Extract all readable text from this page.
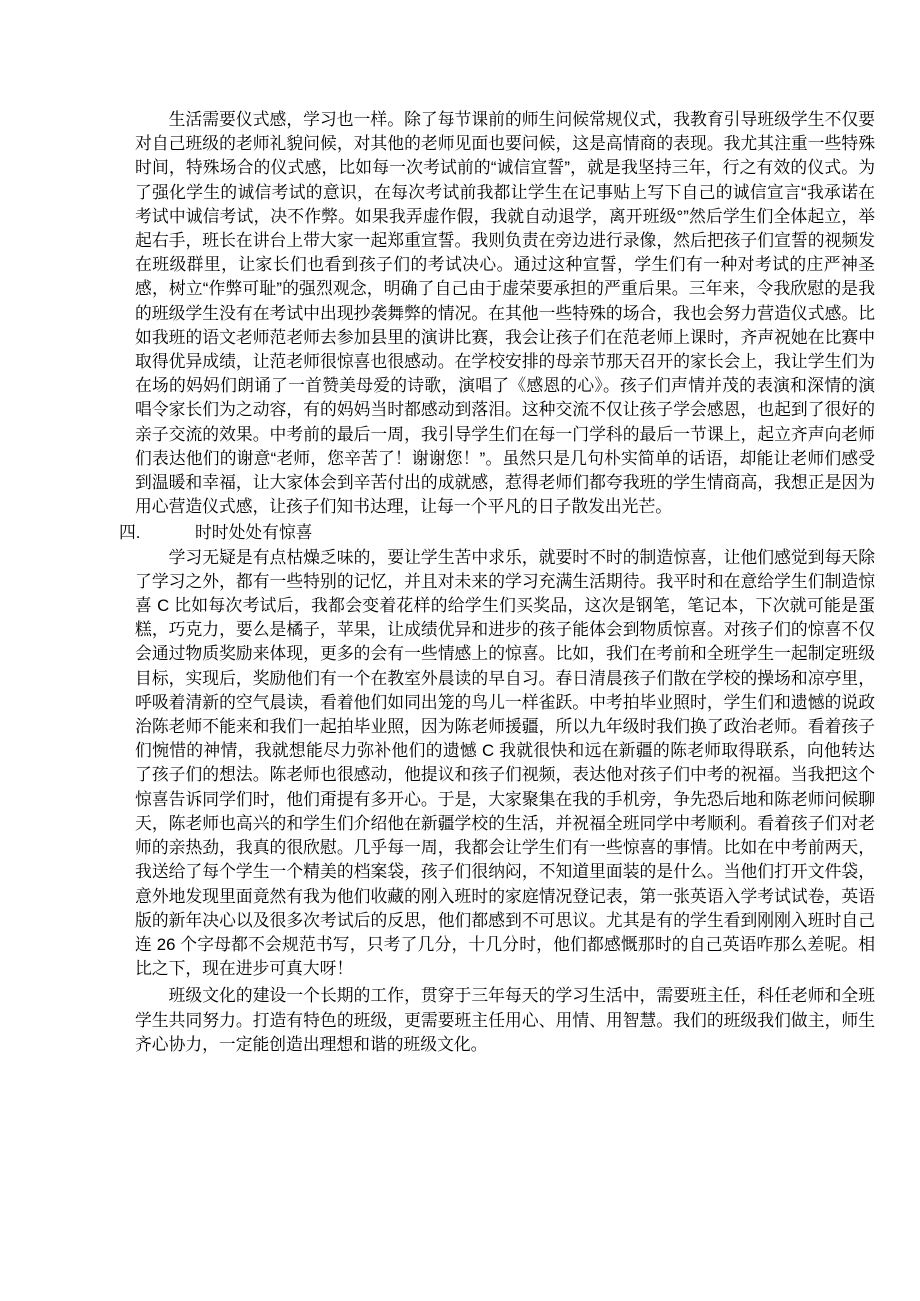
生活需要仪式感，学习也一样。除了每节课前的师生问候常规仪式，我教育引导班级学生不仅要对自己班级的老师礼貌问候，对其他的老师见面也要问候，这是高情商的表现。我尤其注重一些特殊时间，特殊场合的仪式感，比如每一次考试前的“诚信宣誓”，就是我坚持三年，行之有效的仪式。为了强化学生的诚信考试的意识，在每次考试前我都让学生在记事贴上写下自己的诚信宣言“我承诺在考试中诚信考试，决不作弊。如果我弄虚作假，我就自动退学，离开班级°”然后学生们全体起立，举起右手，班长在讲台上带大家一起郑重宣誓。我则负责在旁边进行录像，然后把孩子们宣誓的视频发在班级群里，让家长们也看到孩子们的考试决心。通过这种宣誓，学生们有一种对考试的庄严神圣感，树立“作弊可耻”的强烈观念，明确了自己由于虚荣要承担的严重后果。三年来，令我欣慰的是我的班级学生没有在考试中出现抄袭舞弊的情况。在其他一些特殊的场合，我也会努力营造仪式感。比如我班的语文老师范老师去参加县里的演讲比赛，我会让孩子们在范老师上课时，齐声祝她在比赛中取得优异成绩，让范老师很惊喜也很感动。在学校安排的母亲节那天召开的家长会上，我让学生们为在场的妈妈们朗诵了一首赞美母爱的诗歌，演唱了《感恩的心》。孩子们声情并茂的表演和深情的演唱令家长们为之动容，有的妈妈当时都感动到落泪。这种交流不仅让孩子学会感恩，也起到了很好的亲子交流的效果。中考前的最后一周，我引导学生们在每一门学科的最后一节课上，起立齐声向老师们表达他们的谢意“老师，您辛苦了！谢谢您！”。虽然只是几句朴实简单的话语，却能让老师们感受到温暖和幸福，让大家体会到辛苦付出的成就感，惹得老师们都夸我班的学生情商高，我想正是因为用心营造仪式感，让孩子们知书达理，让每一个平凡的日子散发出光芒。

四.	时时处处有惊喜

学习无疑是有点枯燥乏味的，要让学生苦中求乐，就要时不时的制造惊喜，让他们感觉到每天除了学习之外，都有一些特别的记忆，并且对未来的学习充满生活期待。我平时和在意给学生们制造惊喜 C 比如每次考试后，我都会变着花样的给学生们买奖品，这次是钢笔，笔记本，下次就可能是蛋糕，巧克力，要么是橘子，苹果，让成绩优异和进步的孩子能体会到物质惊喜。对孩子们的惊喜不仅会通过物质奖励来体现，更多的会有一些情感上的惊喜。比如，我们在考前和全班学生一起制定班级目标，实现后，奖励他们有一个在教室外晨读的早自习。春日清晨孩子们散在学校的操场和凉亭里，呼吸着清新的空气晨读，看着他们如同出笼的鸟儿一样雀跃。中考拍毕业照时，学生们和遗憾的说政治陈老师不能来和我们一起拍毕业照，因为陈老师援疆，所以九年级时我们换了政治老师。看着孩子们惋惜的神情，我就想能尽力弥补他们的遗憾 C 我就很快和远在新疆的陈老师取得联系，向他转达了孩子们的想法。陈老师也很感动，他提议和孩子们视频，表达他对孩子们中考的祝福。当我把这个惊喜告诉同学们时，他们甭提有多开心。于是，大家聚集在我的手机旁，争先恐后地和陈老师问候聊天，陈老师也高兴的和学生们介绍他在新疆学校的生活，并祝福全班同学中考顺利。看着孩子们对老师的亲热劲，我真的很欣慰。几乎每一周，我都会让学生们有一些惊喜的事情。比如在中考前两天，我送给了每个学生一个精美的档案袋，孩子们很纳闷，不知道里面装的是什么。当他们打开文件袋，意外地发现里面竟然有我为他们收藏的刚入班时的家庭情况登记表，第一张英语入学考试试卷，英语版的新年决心以及很多次考试后的反思，他们都感到不可思议。尤其是有的学生看到刚刚入班时自己连 26 个字母都不会规范书写，只考了几分，十几分时，他们都感慨那时的自己英语咋那么差呢。相比之下，现在进步可真大呀！

班级文化的建设一个长期的工作，贯穿于三年每天的学习生活中，需要班主任，科任老师和全班学生共同努力。打造有特色的班级，更需要班主任用心、用情、用智慧。我们的班级我们做主，师生齐心协力，一定能创造出理想和谐的班级文化。
